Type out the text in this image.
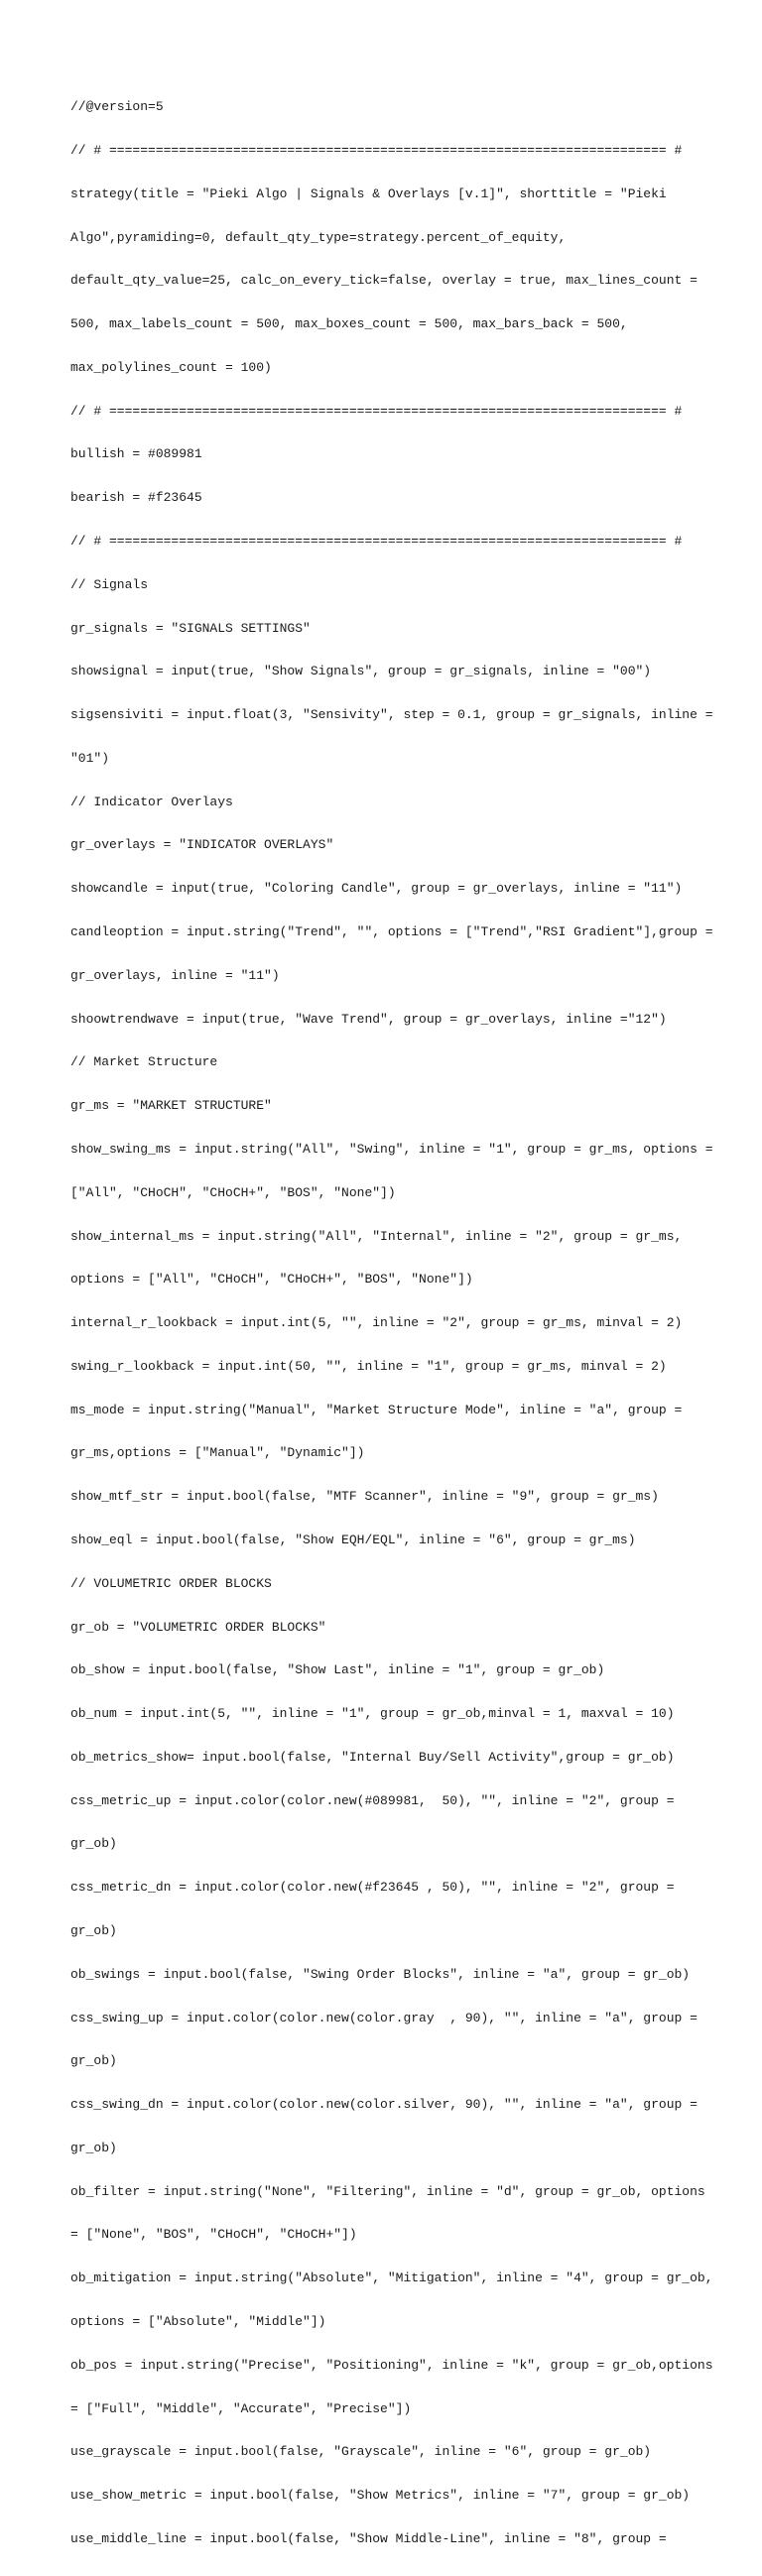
//@version=5

// # ======================================================================== #

strategy(title = "Pieki Algo | Signals & Overlays [v.1]", shorttitle = "Pieki

Algo",pyramiding=0, default_qty_type=strategy.percent_of_equity,

default_qty_value=25, calc_on_every_tick=false, overlay = true, max_lines_count =

500, max_labels_count = 500, max_boxes_count = 500, max_bars_back = 500,

max_polylines_count = 100)

// # ======================================================================== #

bullish = #089981

bearish = #f23645

// # ======================================================================== #

// Signals

gr_signals = "SIGNALS SETTINGS"

showsignal = input(true, "Show Signals", group = gr_signals, inline = "00")

sigsensiviti = input.float(3, "Sensivity", step = 0.1, group = gr_signals, inline =

"01")

// Indicator Overlays

gr_overlays = "INDICATOR OVERLAYS"

showcandle = input(true, "Coloring Candle", group = gr_overlays, inline = "11")

candleoption = input.string("Trend", "", options = ["Trend","RSI Gradient"],group =

gr_overlays, inline = "11")

shoowtrendwave = input(true, "Wave Trend", group = gr_overlays, inline ="12")

// Market Structure

gr_ms = "MARKET STRUCTURE"

show_swing_ms = input.string("All", "Swing", inline = "1", group = gr_ms, options =

["All", "CHoCH", "CHoCH+", "BOS", "None"])

show_internal_ms = input.string("All", "Internal", inline = "2", group = gr_ms,

options = ["All", "CHoCH", "CHoCH+", "BOS", "None"])

internal_r_lookback = input.int(5, "", inline = "2", group = gr_ms, minval = 2)

swing_r_lookback = input.int(50, "", inline = "1", group = gr_ms, minval = 2)

ms_mode = input.string("Manual", "Market Structure Mode", inline = "a", group =

gr_ms,options = ["Manual", "Dynamic"])

show_mtf_str = input.bool(false, "MTF Scanner", inline = "9", group = gr_ms)

show_eql = input.bool(false, "Show EQH/EQL", inline = "6", group = gr_ms)

// VOLUMETRIC ORDER BLOCKS

gr_ob = "VOLUMETRIC ORDER BLOCKS"

ob_show = input.bool(false, "Show Last", inline = "1", group = gr_ob)

ob_num = input.int(5, "", inline = "1", group = gr_ob,minval = 1, maxval = 10)

ob_metrics_show= input.bool(false, "Internal Buy/Sell Activity",group = gr_ob)

css_metric_up = input.color(color.new(#089981,  50), "", inline = "2", group =

gr_ob)

css_metric_dn = input.color(color.new(#f23645 , 50), "", inline = "2", group =

gr_ob)

ob_swings = input.bool(false, "Swing Order Blocks", inline = "a", group = gr_ob)

css_swing_up = input.color(color.new(color.gray  , 90), "", inline = "a", group =

gr_ob)

css_swing_dn = input.color(color.new(color.silver, 90), "", inline = "a", group =

gr_ob)

ob_filter = input.string("None", "Filtering", inline = "d", group = gr_ob, options

= ["None", "BOS", "CHoCH", "CHoCH+"])

ob_mitigation = input.string("Absolute", "Mitigation", inline = "4", group = gr_ob,

options = ["Absolute", "Middle"])

ob_pos = input.string("Precise", "Positioning", inline = "k", group = gr_ob,options

= ["Full", "Middle", "Accurate", "Precise"])

use_grayscale = input.bool(false, "Grayscale", inline = "6", group = gr_ob)

use_show_metric = input.bool(false, "Show Metrics", inline = "7", group = gr_ob)

use_middle_line = input.bool(false, "Show Middle-Line", inline = "8", group =
